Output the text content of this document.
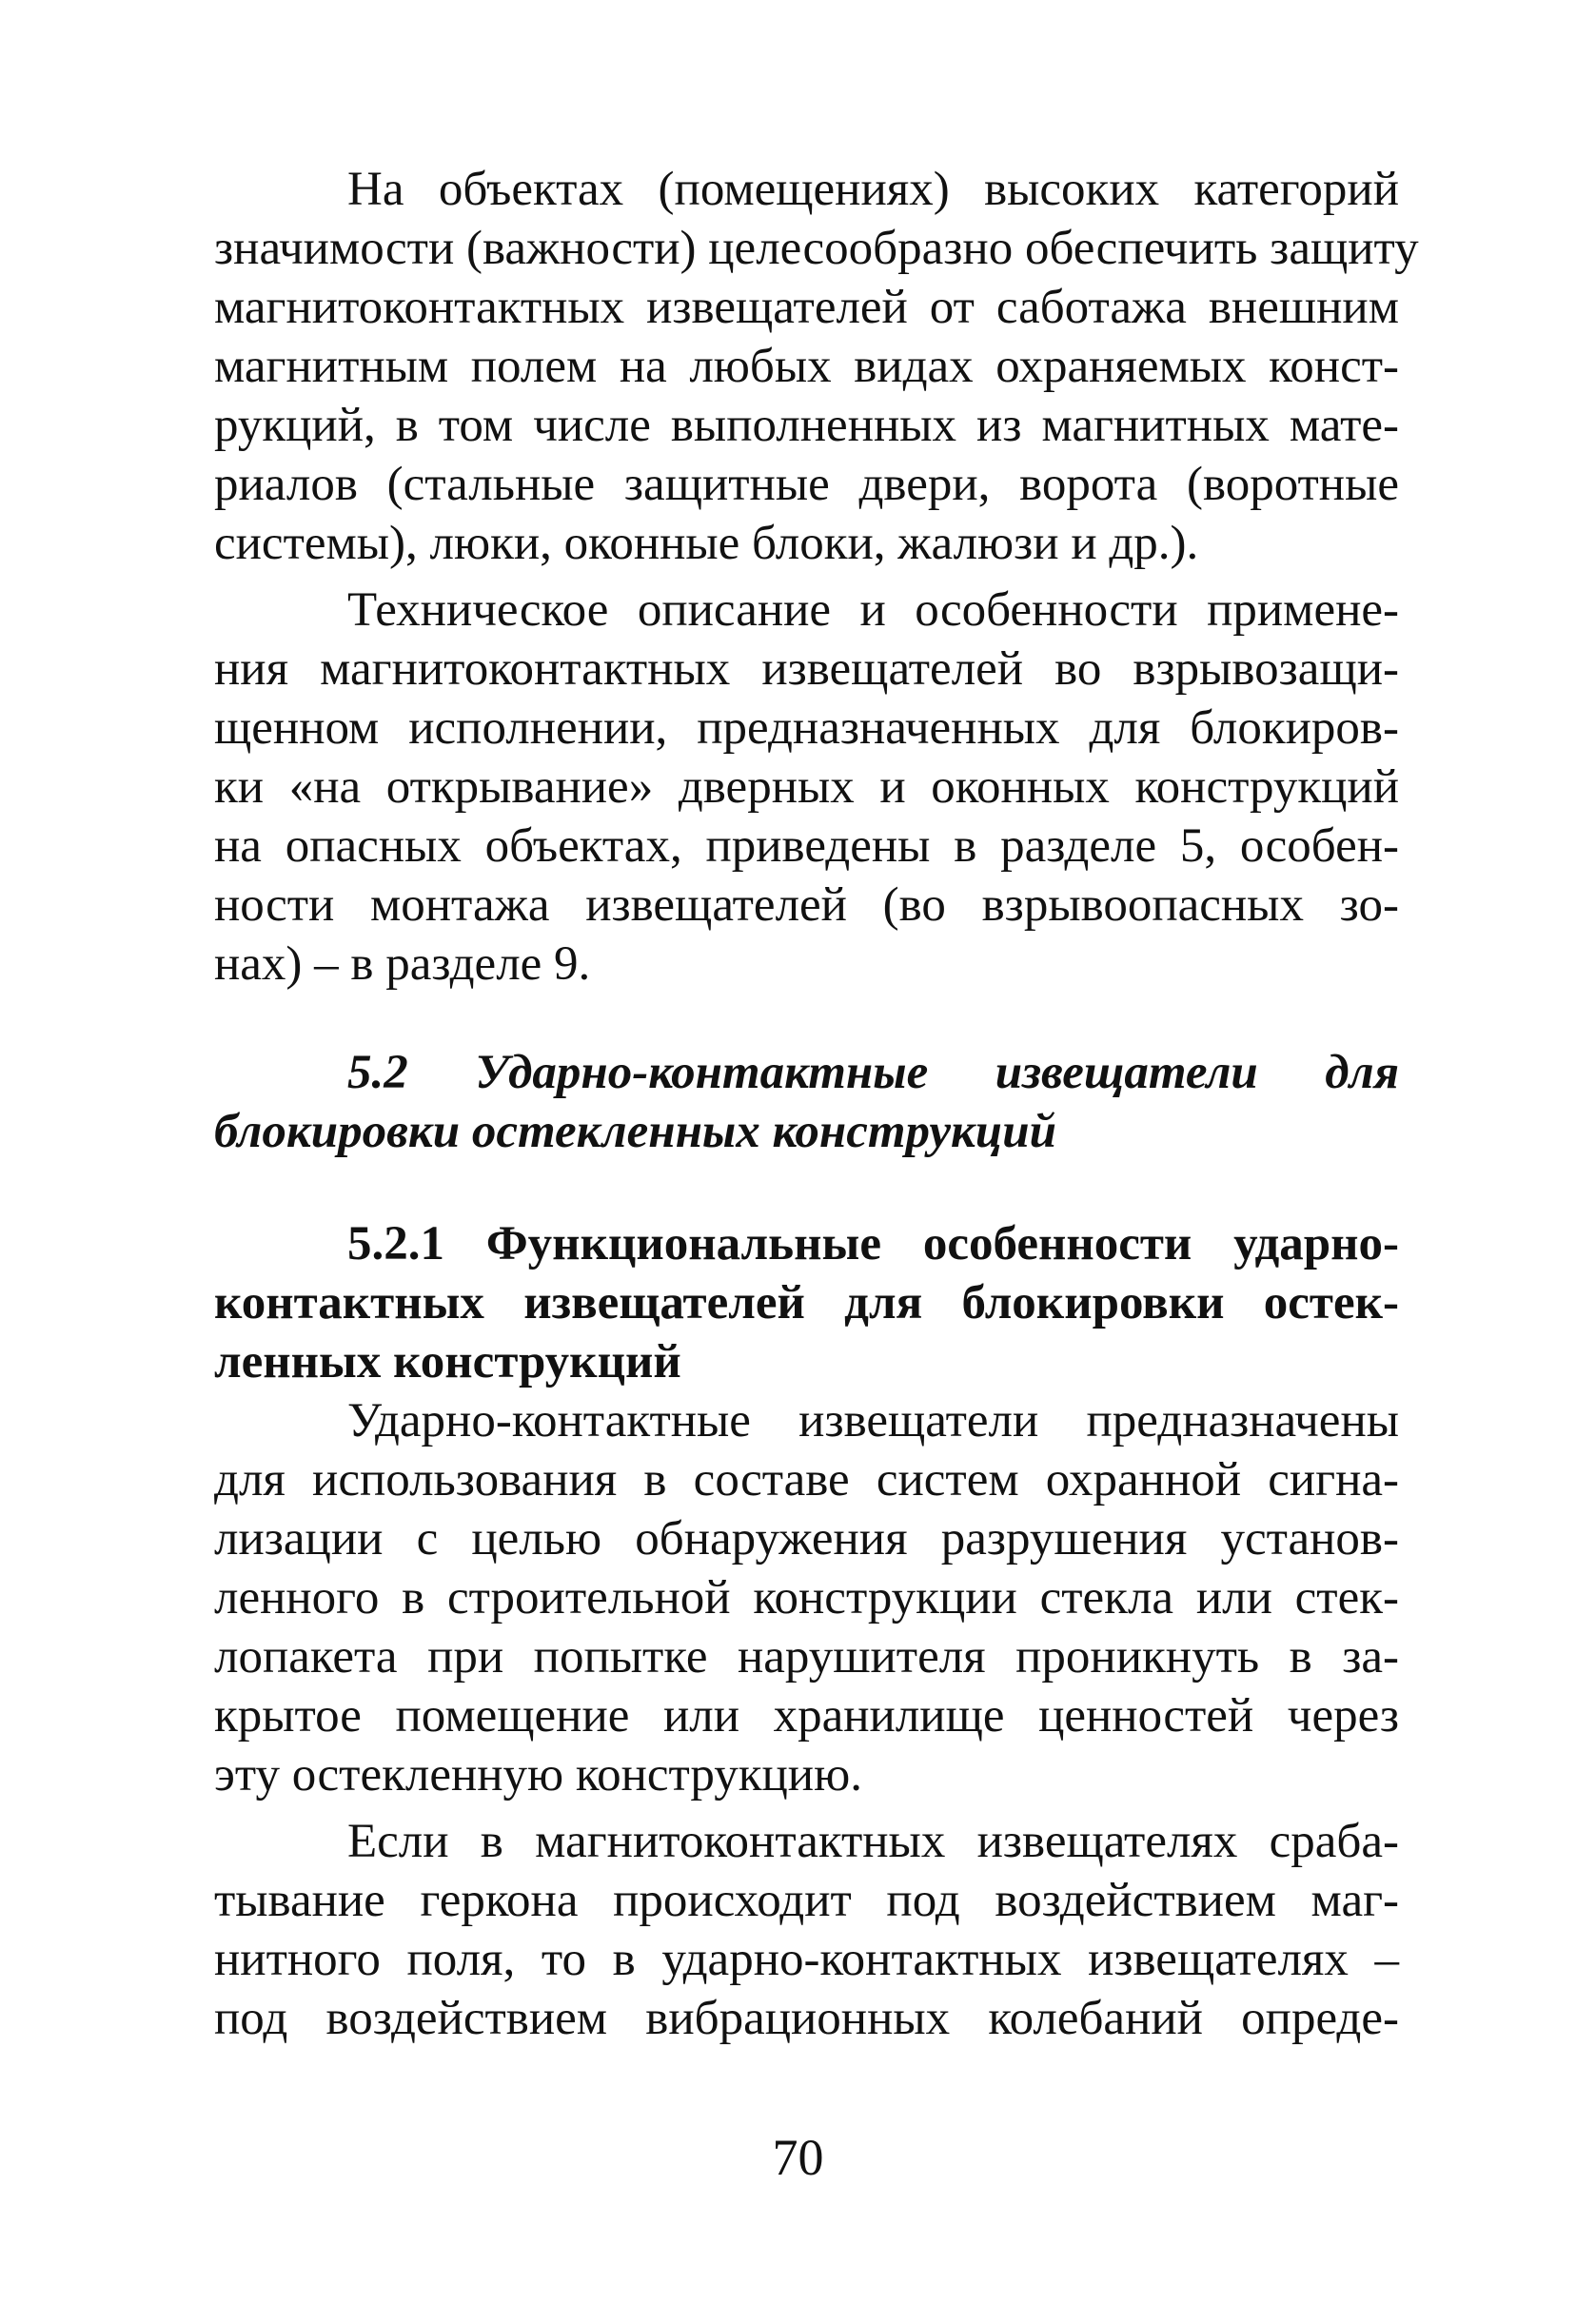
На объектах (помещениях) высоких категорий
значимости (важности) целесообразно обеспечить защиту
магнитоконтактных извещателей от саботажа внешним
магнитным полем на любых видах охраняемых конст-
рукций, в том числе выполненных из магнитных мате-
риалов (стальные защитные двери, ворота (воротные
системы), люки, оконные блоки, жалюзи и др.).
Техническое описание и особенности примене-
ния магнитоконтактных извещателей во взрывозащи-
щенном исполнении, предназначенных для блокиров-
ки «на открывание» дверных и оконных конструкций
на опасных объектах, приведены в разделе 5, особен-
ности монтажа извещателей (во взрывоопасных зо-
нах) – в разделе 9.
5.2 Ударно-контактные извещатели для
блокировки остекленных конструкций
5.2.1 Функциональные особенности ударно-
контактных извещателей для блокировки остек-
ленных конструкций
Ударно-контактные извещатели предназначены
для использования в составе систем охранной сигна-
лизации с целью обнаружения разрушения установ-
ленного в строительной конструкции стекла или стек-
лопакета при попытке нарушителя проникнуть в за-
крытое помещение или хранилище ценностей через
эту остекленную конструкцию.
Если в магнитоконтактных извещателях сраба-
тывание геркона происходит под воздействием маг-
нитного поля, то в ударно-контактных извещателях –
под воздействием вибрационных колебаний опреде-
70
